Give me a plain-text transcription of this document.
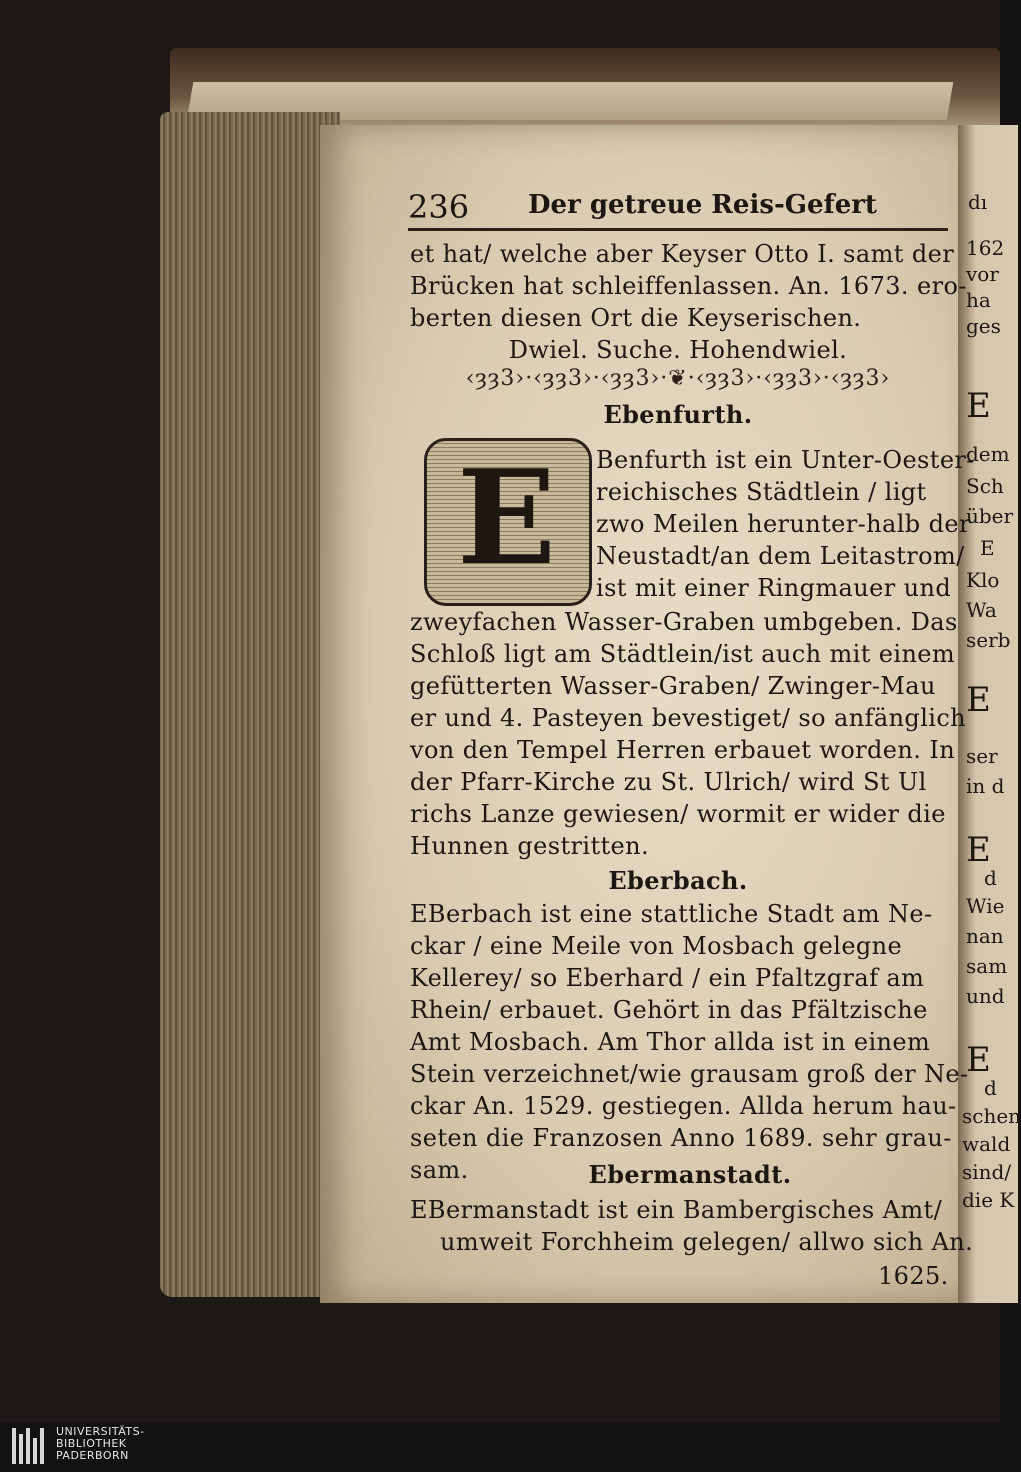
236 Der getreue Reis-Gefert
et hat/ welche aber Keyser Otto I. samt der
Brücken hat schleiffenlassen. An. 1673. ero-
berten diesen Ort die Keyserischen.
Dwiel. Suche. Hohendwiel.
‹ȝȝ3›·‹ȝȝ3›·‹ȝȝ3›·❦·‹ȝȝ3›·‹ȝȝ3›·‹ȝȝ3›
Ebenfurth.
E Benfurth ist ein Unter-Oester-
reichisches Städtlein / ligt
zwo Meilen herunter-halb der
Neustadt/an dem Leitastrom/
ist mit einer Ringmauer und
zweyfachen Wasser-Graben umbgeben. Das
Schloß ligt am Städtlein/ist auch mit einem
gefütterten Wasser-Graben/ Zwinger-Mau
er und 4. Pasteyen bevestiget/ so anfänglich
von den Tempel Herren erbauet worden. In
der Pfarr-Kirche zu St. Ulrich/ wird St Ul
richs Lanze gewiesen/ wormit er wider die
Hunnen gestritten.
Eberbach.
EBerbach ist eine stattliche Stadt am Ne-
ckar / eine Meile von Mosbach gelegne
Kellerey/ so Eberhard / ein Pfaltzgraf am
Rhein/ erbauet. Gehört in das Pfältzische
Amt Mosbach. Am Thor allda ist in einem
Stein verzeichnet/wie grausam groß der Ne-
ckar An. 1529. gestiegen. Allda herum hau-
seten die Franzosen Anno 1689. sehr grau-
sam.	Ebermanstadt.
EBermanstadt ist ein Bambergisches Amt/
umweit Forchheim gelegen/ allwo sich An.
1625.
dı
162
vor
ha
ges
E
dem
Sch
über
E
Klo
Wa
serb
E
ser
in d
E
d
Wie
nan
sam
und
E
d
schen
wald
sind/
die K
UNIVERSITÄTS-
BIBLIOTHEK
PADERBORN
